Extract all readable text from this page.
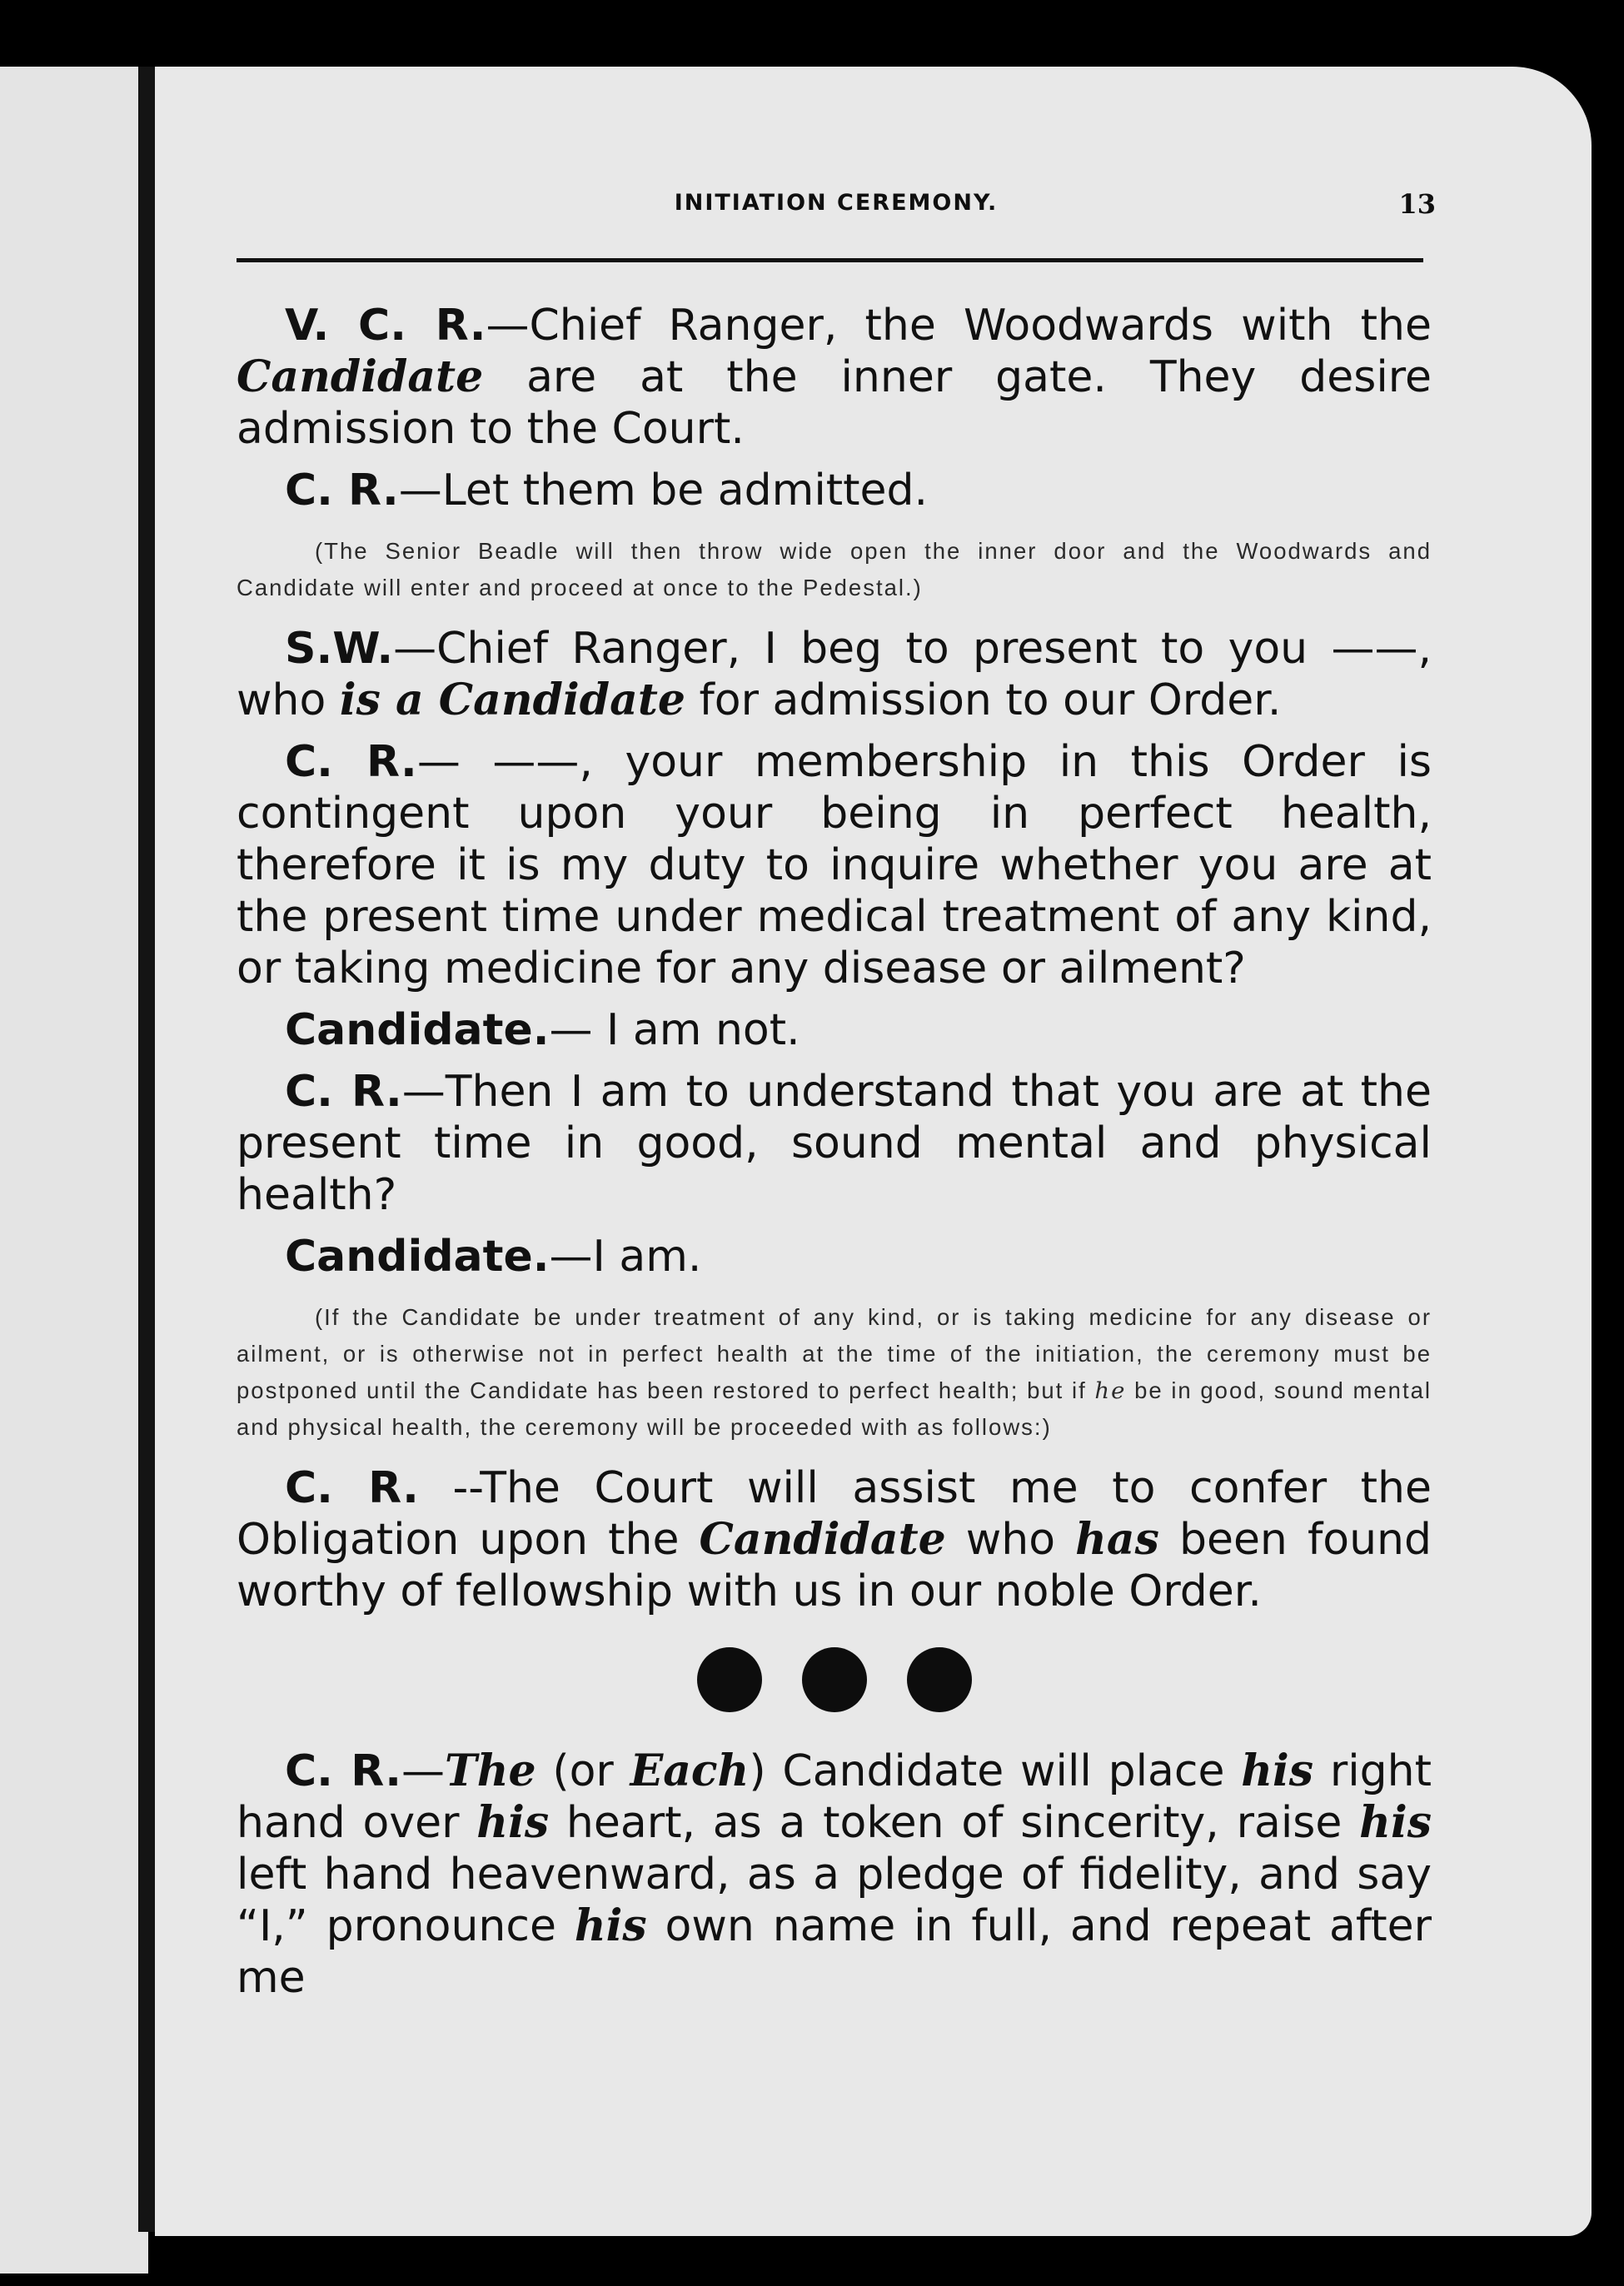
INITIATION CEREMONY.	13

V. C. R.—Chief Ranger, the Woodwards with the Candidate are at the inner gate. They desire admission to the Court.

C. R.—Let them be admitted.

(The Senior Beadle will then throw wide open the inner door and the Woodwards and Candidate will enter and proceed at once to the Pedestal.)

S.W.—Chief Ranger, I beg to present to you ——, who is a Candidate for admission to our Order.

C. R.— ——, your membership in this Order is contingent upon your being in perfect health, therefore it is my duty to inquire whether you are at the present time under medical treatment of any kind, or taking medicine for any disease or ailment?

Candidate.— I am not.

C. R.—Then I am to understand that you are at the present time in good, sound mental and physical health?

Candidate.—I am.

(If the Candidate be under treatment of any kind, or is taking medicine for any disease or ailment, or is otherwise not in perfect health at the time of the initiation, the ceremony must be postponed until the Candidate has been restored to perfect health; but if he be in good, sound mental and physical health, the ceremony will be proceeded with as follows:)

C. R. --The Court will assist me to confer the Obligation upon the Candidate who has been found worthy of fellowship with us in our noble Order.

C. R.—The (or Each) Candidate will place his right hand over his heart, as a token of sincerity, raise his left hand heavenward, as a pledge of fidelity, and say “I,” pronounce his own name in full, and repeat after me
